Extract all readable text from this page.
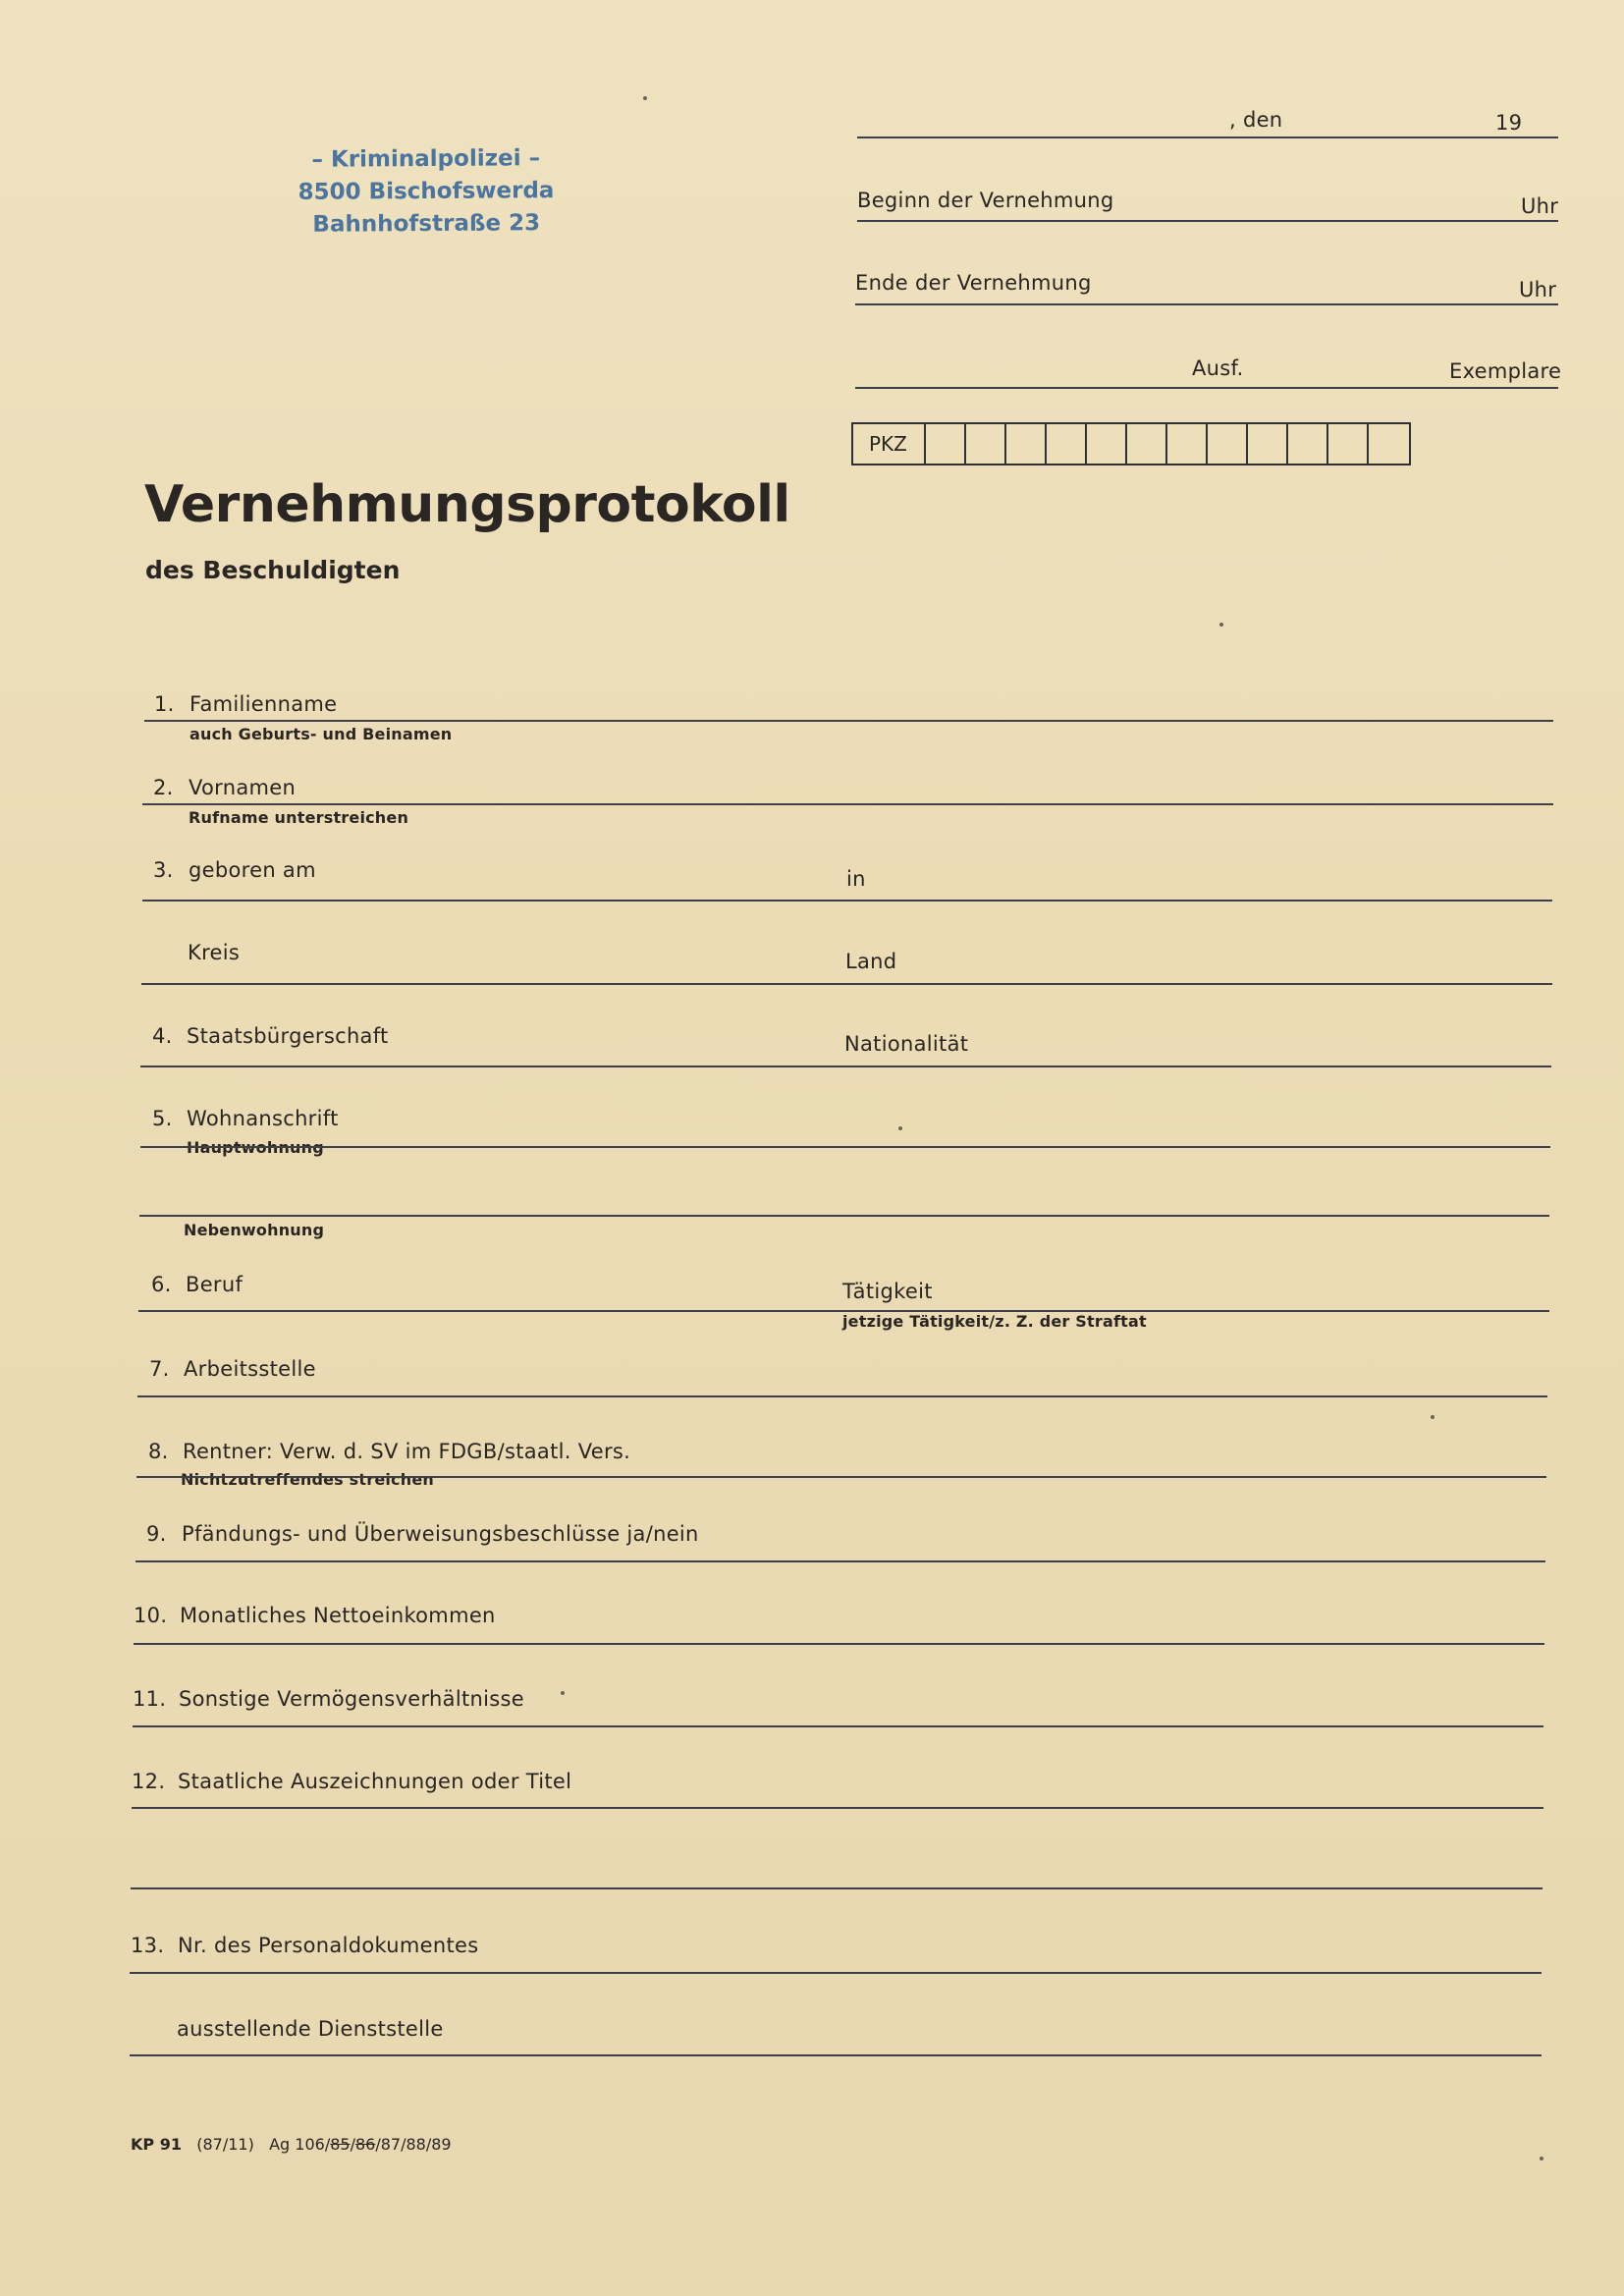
, den	19
Beginn der Vernehmung	Uhr
Ende der Vernehmung	Uhr
Ausf.	Exemplare
PKZ
– Kriminalpolizei –
8500 Bischofswerda
Bahnhofstraße 23
Vernehmungsprotokoll
des Beschuldigten
1. Familienname
auch Geburts- und Beinamen
2. Vornamen
Rufname unterstreichen
3. geboren am	in
Kreis	Land
4. Staatsbürgerschaft	Nationalität
5. Wohnanschrift
Hauptwohnung
Nebenwohnung
6. Beruf	Tätigkeit
jetzige Tätigkeit/z. Z. der Straftat
7. Arbeitsstelle
8. Rentner: Verw. d. SV im FDGB/staatl. Vers.
Nichtzutreffendes streichen
9. Pfändungs- und Überweisungsbeschlüsse ja/nein
10. Monatliches Nettoeinkommen
11. Sonstige Vermögensverhältnisse
12. Staatliche Auszeichnungen oder Titel
13. Nr. des Personaldokumentes
ausstellende Dienststelle
KP 91 (87/11) Ag 106/85/86/87/88/89
